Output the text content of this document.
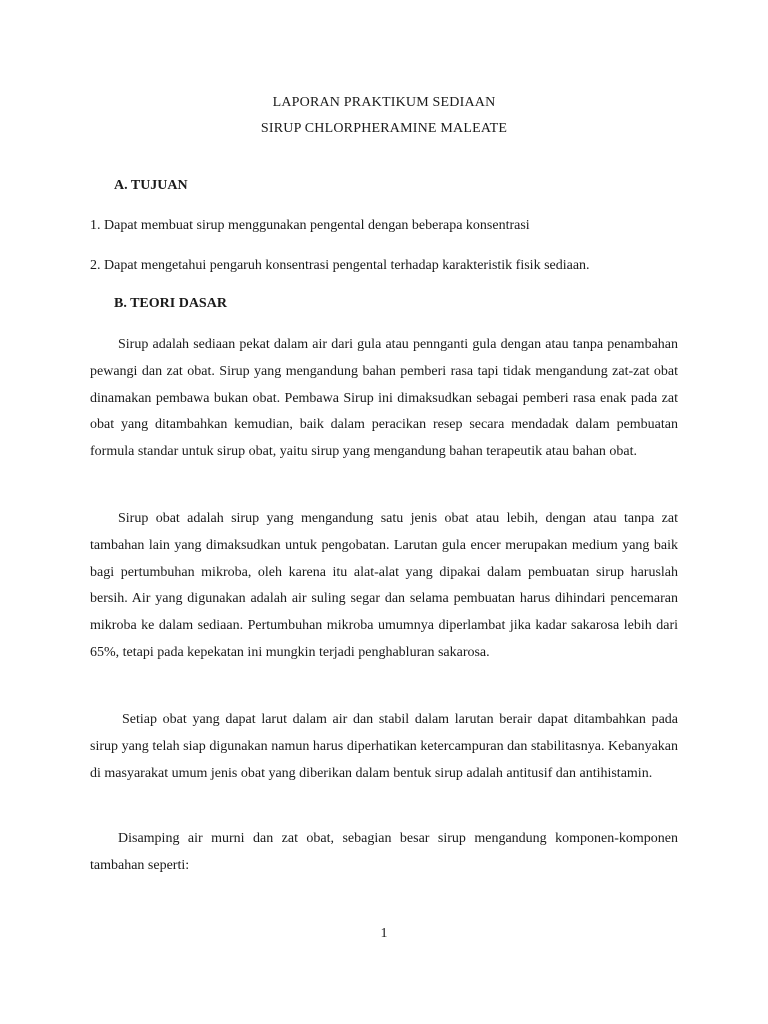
LAPORAN PRAKTIKUM SEDIAAN
SIRUP CHLORPHERAMINE MALEATE
A. TUJUAN
1. Dapat membuat sirup menggunakan pengental dengan beberapa konsentrasi
2. Dapat mengetahui pengaruh konsentrasi pengental terhadap karakteristik fisik sediaan.
B. TEORI DASAR

Sirup adalah sediaan pekat dalam air dari gula atau pennganti gula dengan atau tanpa penambahan pewangi dan zat obat. Sirup yang mengandung bahan pemberi rasa tapi tidak mengandung zat-zat obat dinamakan pembawa bukan obat. Pembawa Sirup ini dimaksudkan sebagai pemberi rasa enak pada zat obat yang ditambahkan kemudian, baik dalam peracikan resep secara mendadak dalam pembuatan formula standar untuk sirup obat, yaitu sirup yang mengandung bahan terapeutik atau bahan obat.

Sirup obat adalah sirup yang mengandung satu jenis obat atau lebih, dengan atau tanpa zat tambahan lain yang dimaksudkan untuk pengobatan. Larutan gula encer merupakan medium yang baik bagi pertumbuhan mikroba, oleh karena itu alat-alat yang dipakai dalam pembuatan sirup haruslah bersih. Air yang digunakan adalah air suling segar dan selama pembuatan harus dihindari pencemaran mikroba ke dalam sediaan. Pertumbuhan mikroba umumnya diperlambat jika kadar sakarosa lebih dari 65%, tetapi pada kepekatan ini mungkin terjadi penghabluran sakarosa.

Setiap obat yang dapat larut dalam air dan stabil dalam larutan berair dapat ditambahkan pada sirup yang telah siap digunakan namun harus diperhatikan ketercampuran dan stabilitasnya. Kebanyakan di masyarakat umum jenis obat yang diberikan dalam bentuk sirup adalah antitusif dan antihistamin.

Disamping air murni dan zat obat, sebagian besar sirup mengandung komponen-komponen tambahan seperti:

1
